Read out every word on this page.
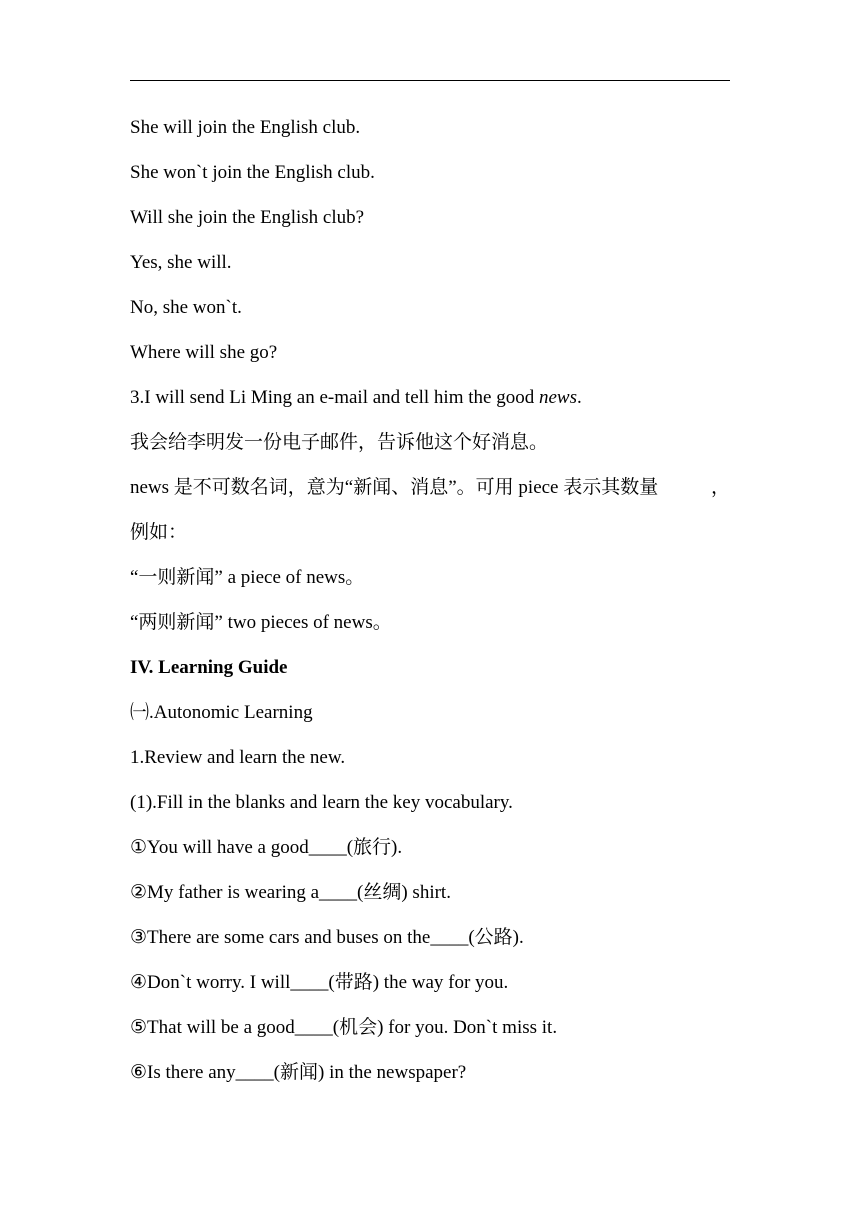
She will join the English club.
She won`t join the English club.
Will she join the English club?
Yes, she will.
No, she won`t.
Where will she go?
3.I will send Li Ming an e-mail and tell him the good news.
我会给李明发一份电子邮件，告诉他这个好消息。
news 是不可数名词，意为“新闻、消息”。可用 piece 表示其数量	，
例如：
“一则新闻” a piece of news。
“两则新闻” two pieces of news。
IV. Learning Guide
㈠.Autonomic Learning
1.Review and learn the new.
(1).Fill in the blanks and learn the key vocabulary.
①You will have a good____(旅行).
②My father is wearing a____(丝绸) shirt.
③There are some cars and buses on the____(公路).
④Don`t worry. I will____(带路) the way for you.
⑤That will be a good____(机会) for you. Don`t miss it.
⑥Is there any____(新闻) in the newspaper?
